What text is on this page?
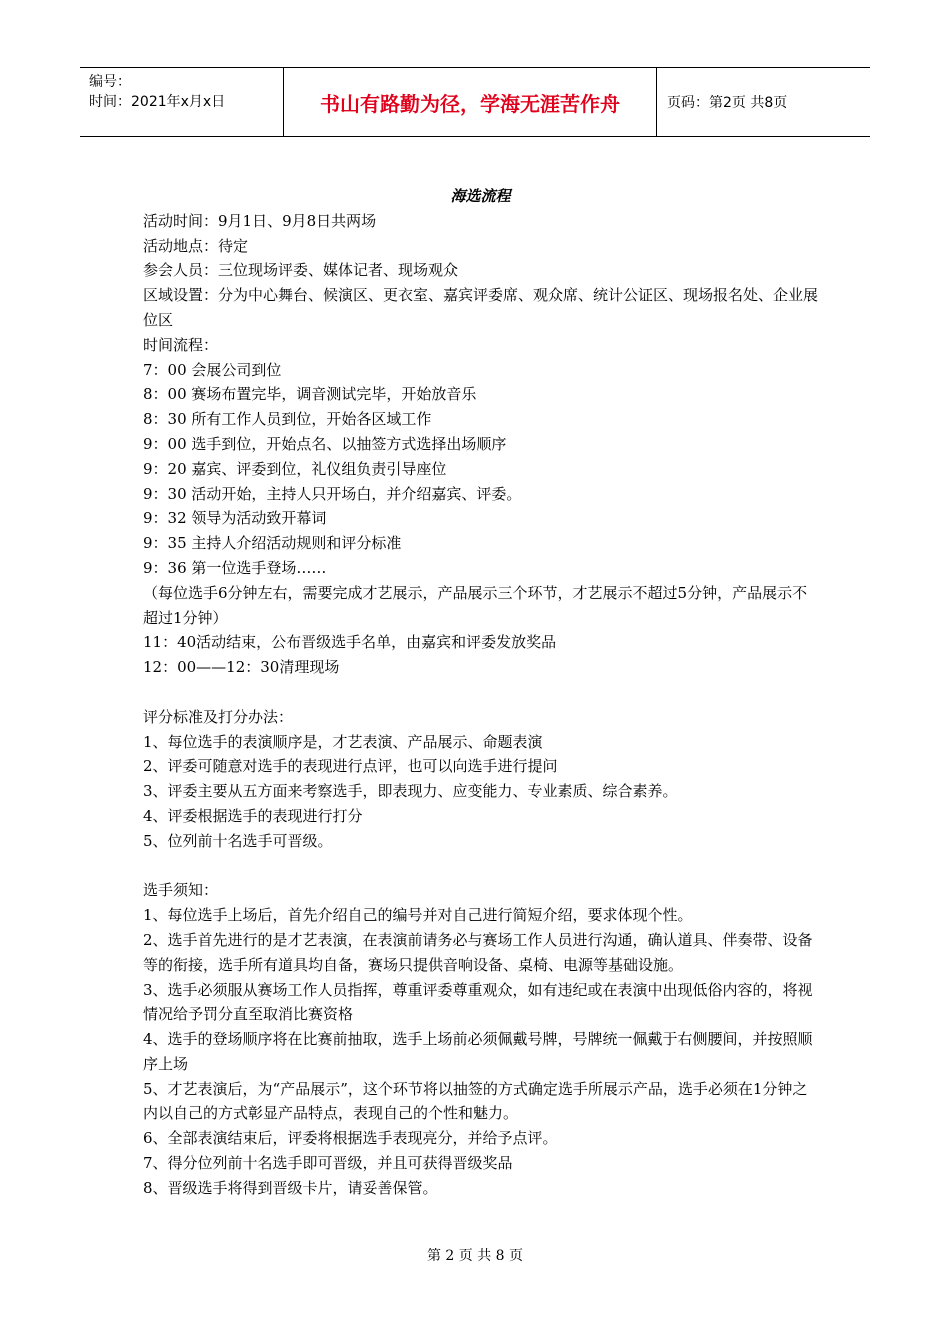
编号：
时间：2021年x月x日	书山有路勤为径，学海无涯苦作舟	页码：第2页 共8页
海选流程

活动时间：9月1日、9月8日共两场

活动地点：待定

参会人员：三位现场评委、媒体记者、现场观众

区域设置：分为中心舞台、候演区、更衣室、嘉宾评委席、观众席、统计公证区、现场报名处、企业展位区

时间流程：

7：00 会展公司到位

8：00 赛场布置完毕，调音测试完毕，开始放音乐

8：30 所有工作人员到位，开始各区域工作

9：00 选手到位，开始点名、以抽签方式选择出场顺序

9：20 嘉宾、评委到位，礼仪组负责引导座位

9：30 活动开始，主持人只开场白，并介绍嘉宾、评委。

9：32 领导为活动致开幕词

9：35 主持人介绍活动规则和评分标准

9：36 第一位选手登场……

（每位选手6分钟左右，需要完成才艺展示，产品展示三个环节，才艺展示不超过5分钟，产品展示不超过1分钟）

11：40活动结束，公布晋级选手名单，由嘉宾和评委发放奖品

12：00——12：30清理现场

评分标准及打分办法：

1、每位选手的表演顺序是，才艺表演、产品展示、命题表演

2、评委可随意对选手的表现进行点评，也可以向选手进行提问

3、评委主要从五方面来考察选手，即表现力、应变能力、专业素质、综合素养。

4、评委根据选手的表现进行打分

5、位列前十名选手可晋级。

选手须知：

1、每位选手上场后，首先介绍自己的编号并对自己进行简短介绍，要求体现个性。

2、选手首先进行的是才艺表演，在表演前请务必与赛场工作人员进行沟通，确认道具、伴奏带、设备等的衔接，选手所有道具均自备，赛场只提供音响设备、桌椅、电源等基础设施。

3、选手必须服从赛场工作人员指挥，尊重评委尊重观众，如有违纪或在表演中出现低俗内容的，将视情况给予罚分直至取消比赛资格

4、选手的登场顺序将在比赛前抽取，选手上场前必须佩戴号牌，号牌统一佩戴于右侧腰间，并按照顺序上场

5、才艺表演后，为“产品展示”，这个环节将以抽签的方式确定选手所展示产品，选手必须在1分钟之内以自己的方式彰显产品特点，表现自己的个性和魅力。

6、全部表演结束后，评委将根据选手表现亮分，并给予点评。

7、得分位列前十名选手即可晋级，并且可获得晋级奖品

8、晋级选手将得到晋级卡片，请妥善保管。

第 2 页 共 8 页
